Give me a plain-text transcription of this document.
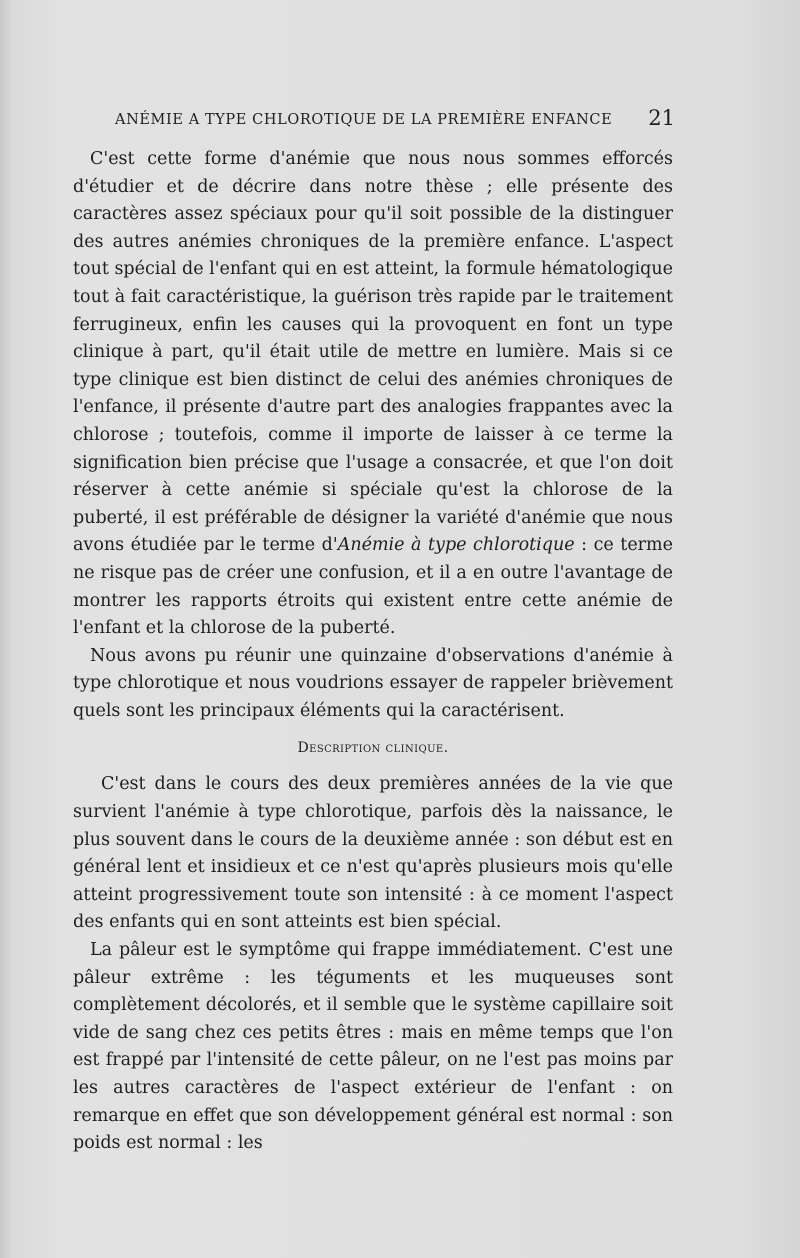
ANÉMIE A TYPE CHLOROTIQUE DE LA PREMIÈRE ENFANCE 21

C'est cette forme d'anémie que nous nous sommes efforcés d'étudier et de décrire dans notre thèse ; elle présente des caractères assez spéciaux pour qu'il soit possible de la distinguer des autres anémies chroniques de la première enfance. L'aspect tout spécial de l'enfant qui en est atteint, la formule hématologique tout à fait caractéristique, la guérison très rapide par le traitement ferrugineux, enfin les causes qui la provoquent en font un type clinique à part, qu'il était utile de mettre en lumière. Mais si ce type clinique est bien distinct de celui des anémies chroniques de l'enfance, il présente d'autre part des analogies frappantes avec la chlorose ; toutefois, comme il importe de laisser à ce terme la signification bien précise que l'usage a consacrée, et que l'on doit réserver à cette anémie si spéciale qu'est la chlorose de la puberté, il est préférable de désigner la variété d'anémie que nous avons étudiée par le terme d'Anémie à type chlorotique : ce terme ne risque pas de créer une confusion, et il a en outre l'avantage de montrer les rapports étroits qui existent entre cette anémie de l'enfant et la chlorose de la puberté.

Nous avons pu réunir une quinzaine d'observations d'anémie à type chlorotique et nous voudrions essayer de rappeler brièvement quels sont les principaux éléments qui la caractérisent.

Description clinique.

C'est dans le cours des deux premières années de la vie que survient l'anémie à type chlorotique, parfois dès la naissance, le plus souvent dans le cours de la deuxième année : son début est en général lent et insidieux et ce n'est qu'après plusieurs mois qu'elle atteint progressivement toute son intensité : à ce moment l'aspect des enfants qui en sont atteints est bien spécial.

La pâleur est le symptôme qui frappe immédiatement. C'est une pâleur extrême : les téguments et les muqueuses sont complètement décolorés, et il semble que le système capillaire soit vide de sang chez ces petits êtres : mais en même temps que l'on est frappé par l'intensité de cette pâleur, on ne l'est pas moins par les autres caractères de l'aspect extérieur de l'enfant : on remarque en effet que son développement général est normal : son poids est normal : les
